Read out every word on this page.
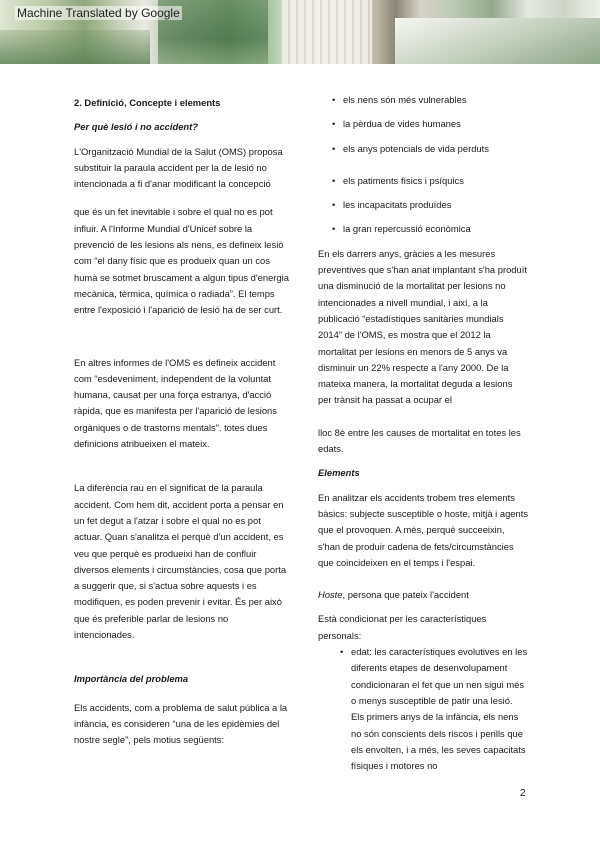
Machine Translated by Google

2. Definició, Concepte i elements

Per què lesió i no accident?

L'Organització Mundial de la Salut (OMS) proposa substituir la paraula accident per la de lesió no intencionada a fi d'anar modificant la concepció

que és un fet inevitable i sobre el qual no es pot influir. A l'Informe Mundial d'Unicef sobre la prevenció de les lesions als nens, es defineix lesió com “el dany físic que es produeix quan un cos humà se sotmet bruscament a algun tipus d'energia mecànica, tèrmica, química o radiada”. El temps entre l'exposició i l'aparició de lesió ha de ser curt.

En altres informes de l'OMS es defineix accident com “esdeveniment, independent de la voluntat humana, causat per una força estranya, d'acció ràpida, que es manifesta per l'aparició de lesions orgàniques o de trastorns mentals”. totes dues definicions atribueixen el mateix.

La diferència rau en el significat de la paraula accident. Com hem dit, accident porta a pensar en un fet degut a l'atzar i sobre el qual no es pot actuar. Quan s'analitza el perquè d'un accident, es veu que perquè es produeixi han de confluir diversos elements i circumstàncies, cosa que porta a suggerir que, si s'actua sobre aquests i es modifiquen, es poden prevenir i evitar. És per això que és preferible parlar de lesions no intencionades.

Importància del problema

Els accidents, com a problema de salut pública a la infància, es consideren “una de les epidèmies del nostre segle”, pels motius següents:

• els nens són més vulnerables

• la pèrdua de vides humanes

• els anys potencials de vida perduts

• els patiments físics i psíquics

• les incapacitats produïdes

• la gran repercussió econòmica

En els darrers anys, gràcies a les mesures preventives que s'han anat implantant s'ha produït una disminució de la mortalitat per lesions no intencionades a nivell mundial, i així, a la publicació “estadístiques sanitàries mundials 2014” de l'OMS, es mostra que el 2012 la mortalitat per lesions en menors de 5 anys va disminuir un 22% respecte a l'any 2000. De la mateixa manera, la mortalitat deguda a lesions per trànsit ha passat a ocupar el

lloc 8è entre les causes de mortalitat en totes les edats.

Elements

En analitzar els accidents trobem tres elements bàsics: subjecte susceptible o hoste, mitjà i agents que el provoquen. A més, perquè succeeixin, s'han de produir cadena de fets/circumstàncies que coincideixen en el temps i l'espai.

Hoste, persona que pateix l'accident

Està condicionat per les característiques personals:

• edat: les característiques evolutives en les diferents etapes de desenvolupament condicionaran el fet que un nen sigui més o menys susceptible de patir una lesió. Els primers anys de la infància, els nens no són conscients dels riscos i perills que els envolten, i a més, les seves capacitats físiques i motores no

2
